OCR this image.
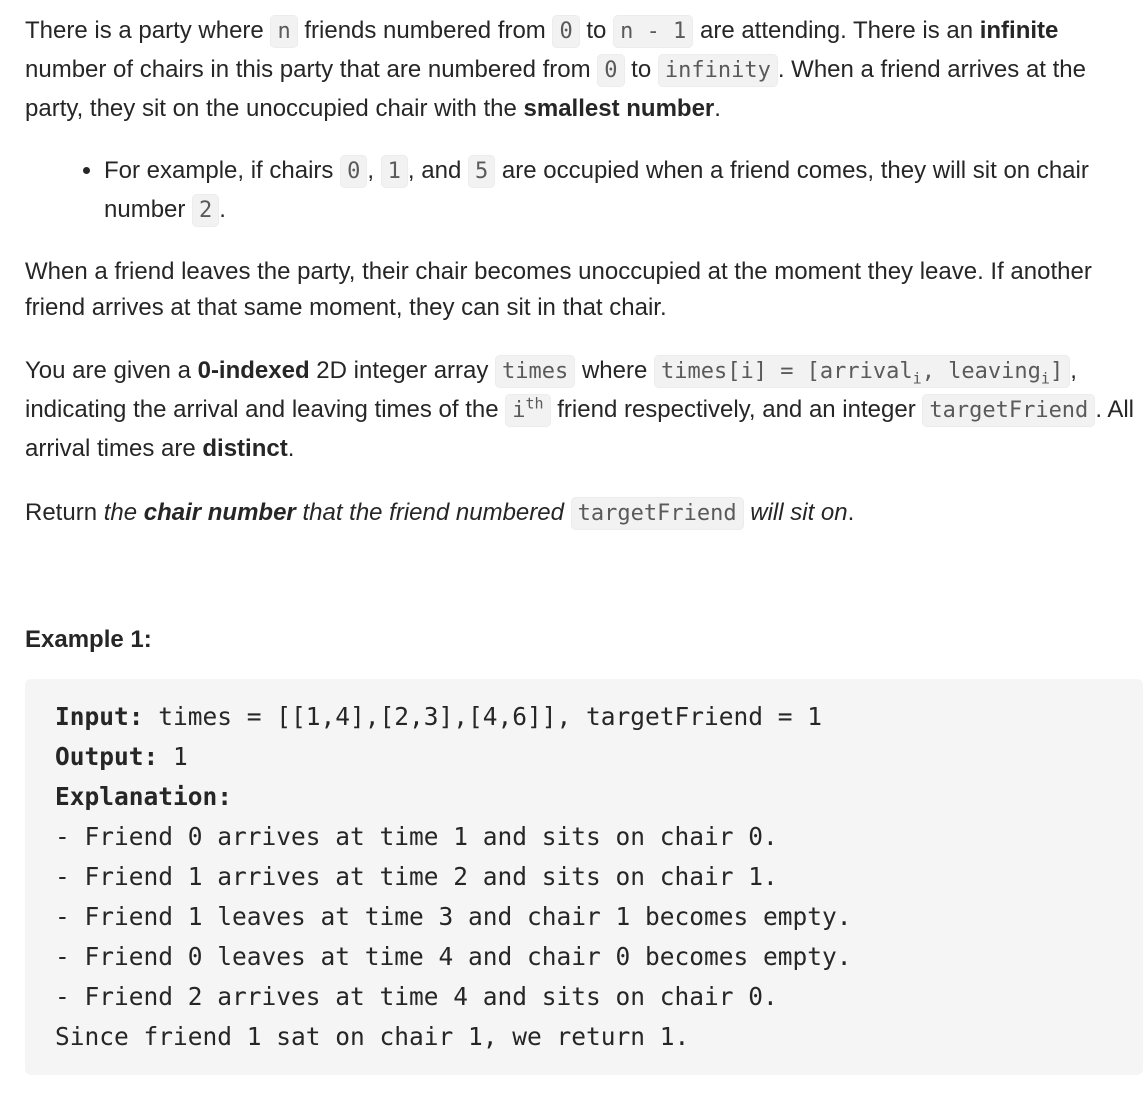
There is a party where n friends numbered from 0 to n - 1 are attending. There is an infinite number of chairs in this party that are numbered from 0 to infinity . When a friend arrives at the party, they sit on the unoccupied chair with the smallest number.

• For example, if chairs 0 , 1 , and 5 are occupied when a friend comes, they will sit on chair number 2 .

When a friend leaves the party, their chair becomes unoccupied at the moment they leave. If another friend arrives at that same moment, they can sit in that chair.

You are given a 0-indexed 2D integer array times where times[i] = [arrival$_i$, leaving$_i$] , indicating the arrival and leaving times of the $i^{th}$ friend respectively, and an integer targetFriend . All arrival times are distinct.

Return the chair number that the friend numbered targetFriend will sit on.

Example 1:

Input: times = [[1,4],[2,3],[4,6]], targetFriend = 1
Output: 1
Explanation:
- Friend 0 arrives at time 1 and sits on chair 0.
- Friend 1 arrives at time 2 and sits on chair 1.
- Friend 1 leaves at time 3 and chair 1 becomes empty.
- Friend 0 leaves at time 4 and chair 0 becomes empty.
- Friend 2 arrives at time 4 and sits on chair 0.
Since friend 1 sat on chair 1, we return 1.
